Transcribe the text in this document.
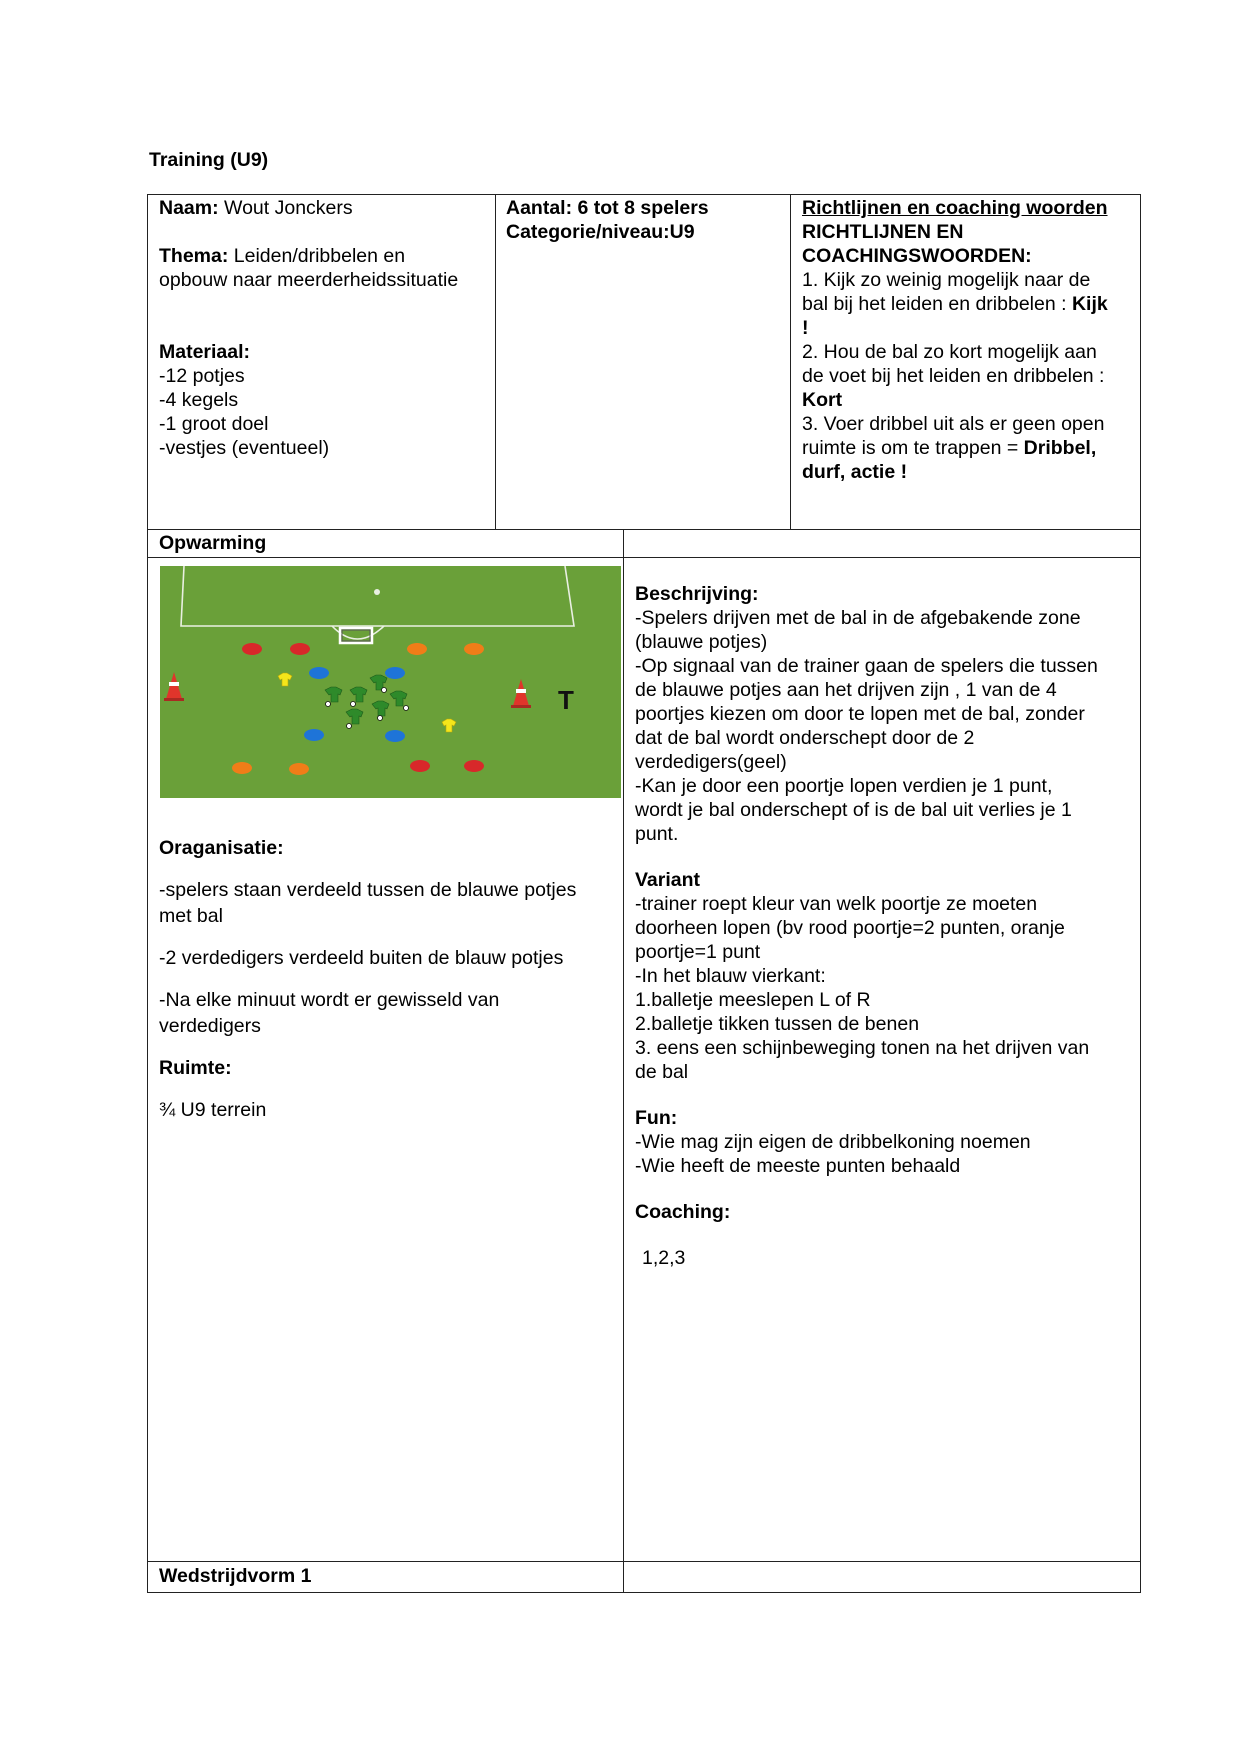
Training (U9)

Naam: Wout Jonckers

Thema: Leiden/dribbelen en

opbouw naar meerderheidssituatie

Materiaal:

-12 potjes

-4 kegels

-1 groot doel

-vestjes (eventueel)

Aantal: 6 tot 8 spelers

Categorie/niveau:U9

Richtlijnen en coaching woorden

RICHTLIJNEN EN

COACHINGSWOORDEN:

1. Kijk zo weinig mogelijk naar de

bal bij het leiden en dribbelen : Kijk

!

2. Hou de bal zo kort mogelijk aan

de voet bij het leiden en dribbelen :

Kort

3. Voer dribbel uit als er geen open

ruimte is om te trappen = Dribbel,

durf, actie !

Opwarming
T

Oraganisatie:

-spelers staan verdeeld tussen de blauwe potjes

met bal

-2 verdedigers verdeeld buiten de blauw potjes

-Na elke minuut wordt er gewisseld van

verdedigers

Ruimte:

¾ U9 terrein

Beschrijving:

-Spelers drijven met de bal in de afgebakende zone

(blauwe potjes)

-Op signaal van de trainer gaan de spelers die tussen

de blauwe potjes aan het drijven zijn , 1 van de 4

poortjes kiezen om door te lopen met de bal, zonder

dat de bal wordt onderschept door de 2

verdedigers(geel)

-Kan je door een poortje lopen verdien je 1 punt,

wordt je bal onderschept of is de bal uit verlies je 1

punt.

Variant

-trainer roept kleur van welk poortje ze moeten

doorheen lopen (bv rood poortje=2 punten, oranje

poortje=1 punt

-In het blauw vierkant:

1.balletje meeslepen L of R

2.balletje tikken tussen de benen

3. eens een schijnbeweging tonen na het drijven van

de bal

Fun:

-Wie mag zijn eigen de dribbelkoning noemen

-Wie heeft de meeste punten behaald

Coaching:

1,2,3

Wedstrijdvorm 1
